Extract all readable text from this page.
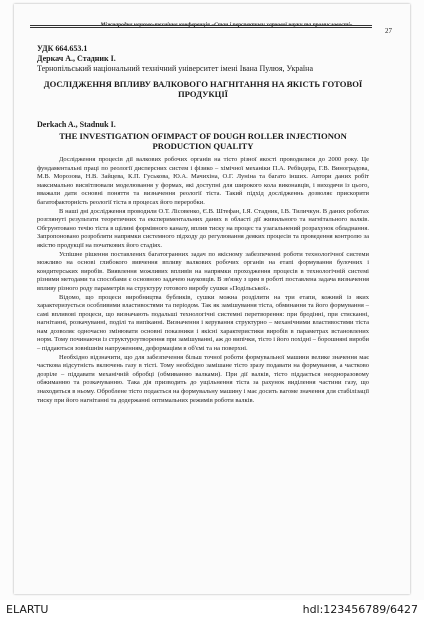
Міжнародна науково-технічна конференція «Стан і перспективи харчової науки та промисловості»
27
УДК 664.653.1
Деркач А., Стадник І.
Тернопільський національний технічний університет імені Івана Пулюя, Україна
ДОСЛІДЖЕННЯ ВПЛИВУ ВАЛКОВОГО НАГНІТАННЯ НА ЯКІСТЬ ГОТОВОЇ ПРОДУКЦІЇ
Derkach A., Stadnuk I.
THE INVESTIGATION OFIMPACT OF DOUGH ROLLER INJECTIONON PRODUCTION QUALITY

Дослідження процесів дії валкових робочих органів на тісто різної якості проводилися до 2000 року. Це фундаментальні праці по реології дисперсних систем і фізико – хімічної механіки П.А. Ребіндера, Г.В. Виноградова, М.В. Морозова, Н.В. Зайцева, К.П. Гуськова, Ю.А. Мачихіна, О.Г. Луніна та багато інших. Автори даних робіт максимально висвітлювали моделювання у формах, які доступні для широкого кола виконавців, і виходячи із цього, вважали дати основні поняття та визначення реології тіста. Такий підхід дослідженнь дозволяє прискорити багатофакторність реології тіста в процесах його переробки.

В наші дні дослідження проводили О.Т. Лісовенко, Є.В. Штефан, І.Я. Стадник, І.В. Тиличкун. В даних роботах розглянуті результати теоретичних та експериментальних даних в області дії живильного та нагнітального валків. Обгрунтовано течію тіста в щілині формівного каналу, вплив тиску на процес та узагальнений розрахунок обладнання. Запропоновано розробляти напрямки системного підходу до регулювання деяких процесів та проведення контролю за якістю продукції на початкових його стадіях.

Успішне рішення поставлених багатогранних задач по якісному забезпеченні роботи технологічної системи можливо на основі глибокого вивчення впливу валкових робочих органів на етапі формування булочних і кондитерських виробів. Виявлення можливих впливів на напрямки проходження процесів в технологічній системі різними методами та способами є основною задачею науковців. В зв'язку з цим в роботі поставлена задача визначення впливу різного роду параметрів на структуру готового виробу сушки «Подільської».

Відомо, що процеси виробництва бубликів, сушки можна розділити на три етапи, кожний із яких характеризується особливими властивостями та періодом. Так як замішування тіста, обминання та його формування – самі впливові процеси, що визначають подальші технологічні системні перетворення: при бродінні, при стисканні, нагнітанні, розкачуванні, поділі та випіканні. Визначення і керування структурно – механічними властивостями тіста нам дозволяє одночасно змінювати основні показники і якісні характеристики виробів в параметрах встановлених норм. Тому починаючи із структуроутворення при замішуванні, аж до випічки, тісто і його похідні – борошняні вироби – піддаються зовнішнім напруженням, деформаціям в об'ємі та на поверхні.

Необхідно відзначити, що для забезпечення більш точної роботи формувальної машини велике значення має часткова відсутність включень газу в тісті. Тому необхідно замішане тісто зразу подавати на формування, а частково дозріле – піддавати механічній обробці (обмиванню валками). При дії валків, тісто піддається неодноразовому обжиманню та розкачуванню. Така дія призводить до ущільнення тіста за рахунок виділення частини газу, що знаходиться в ньому. Оброблене тісто подається на формувальну машину і має досить вагоме значення для стабілізації тиску при його нагнітанні та додержанні оптимальних режимів роботи валків.

ELARTU	hdl:123456789/6427
